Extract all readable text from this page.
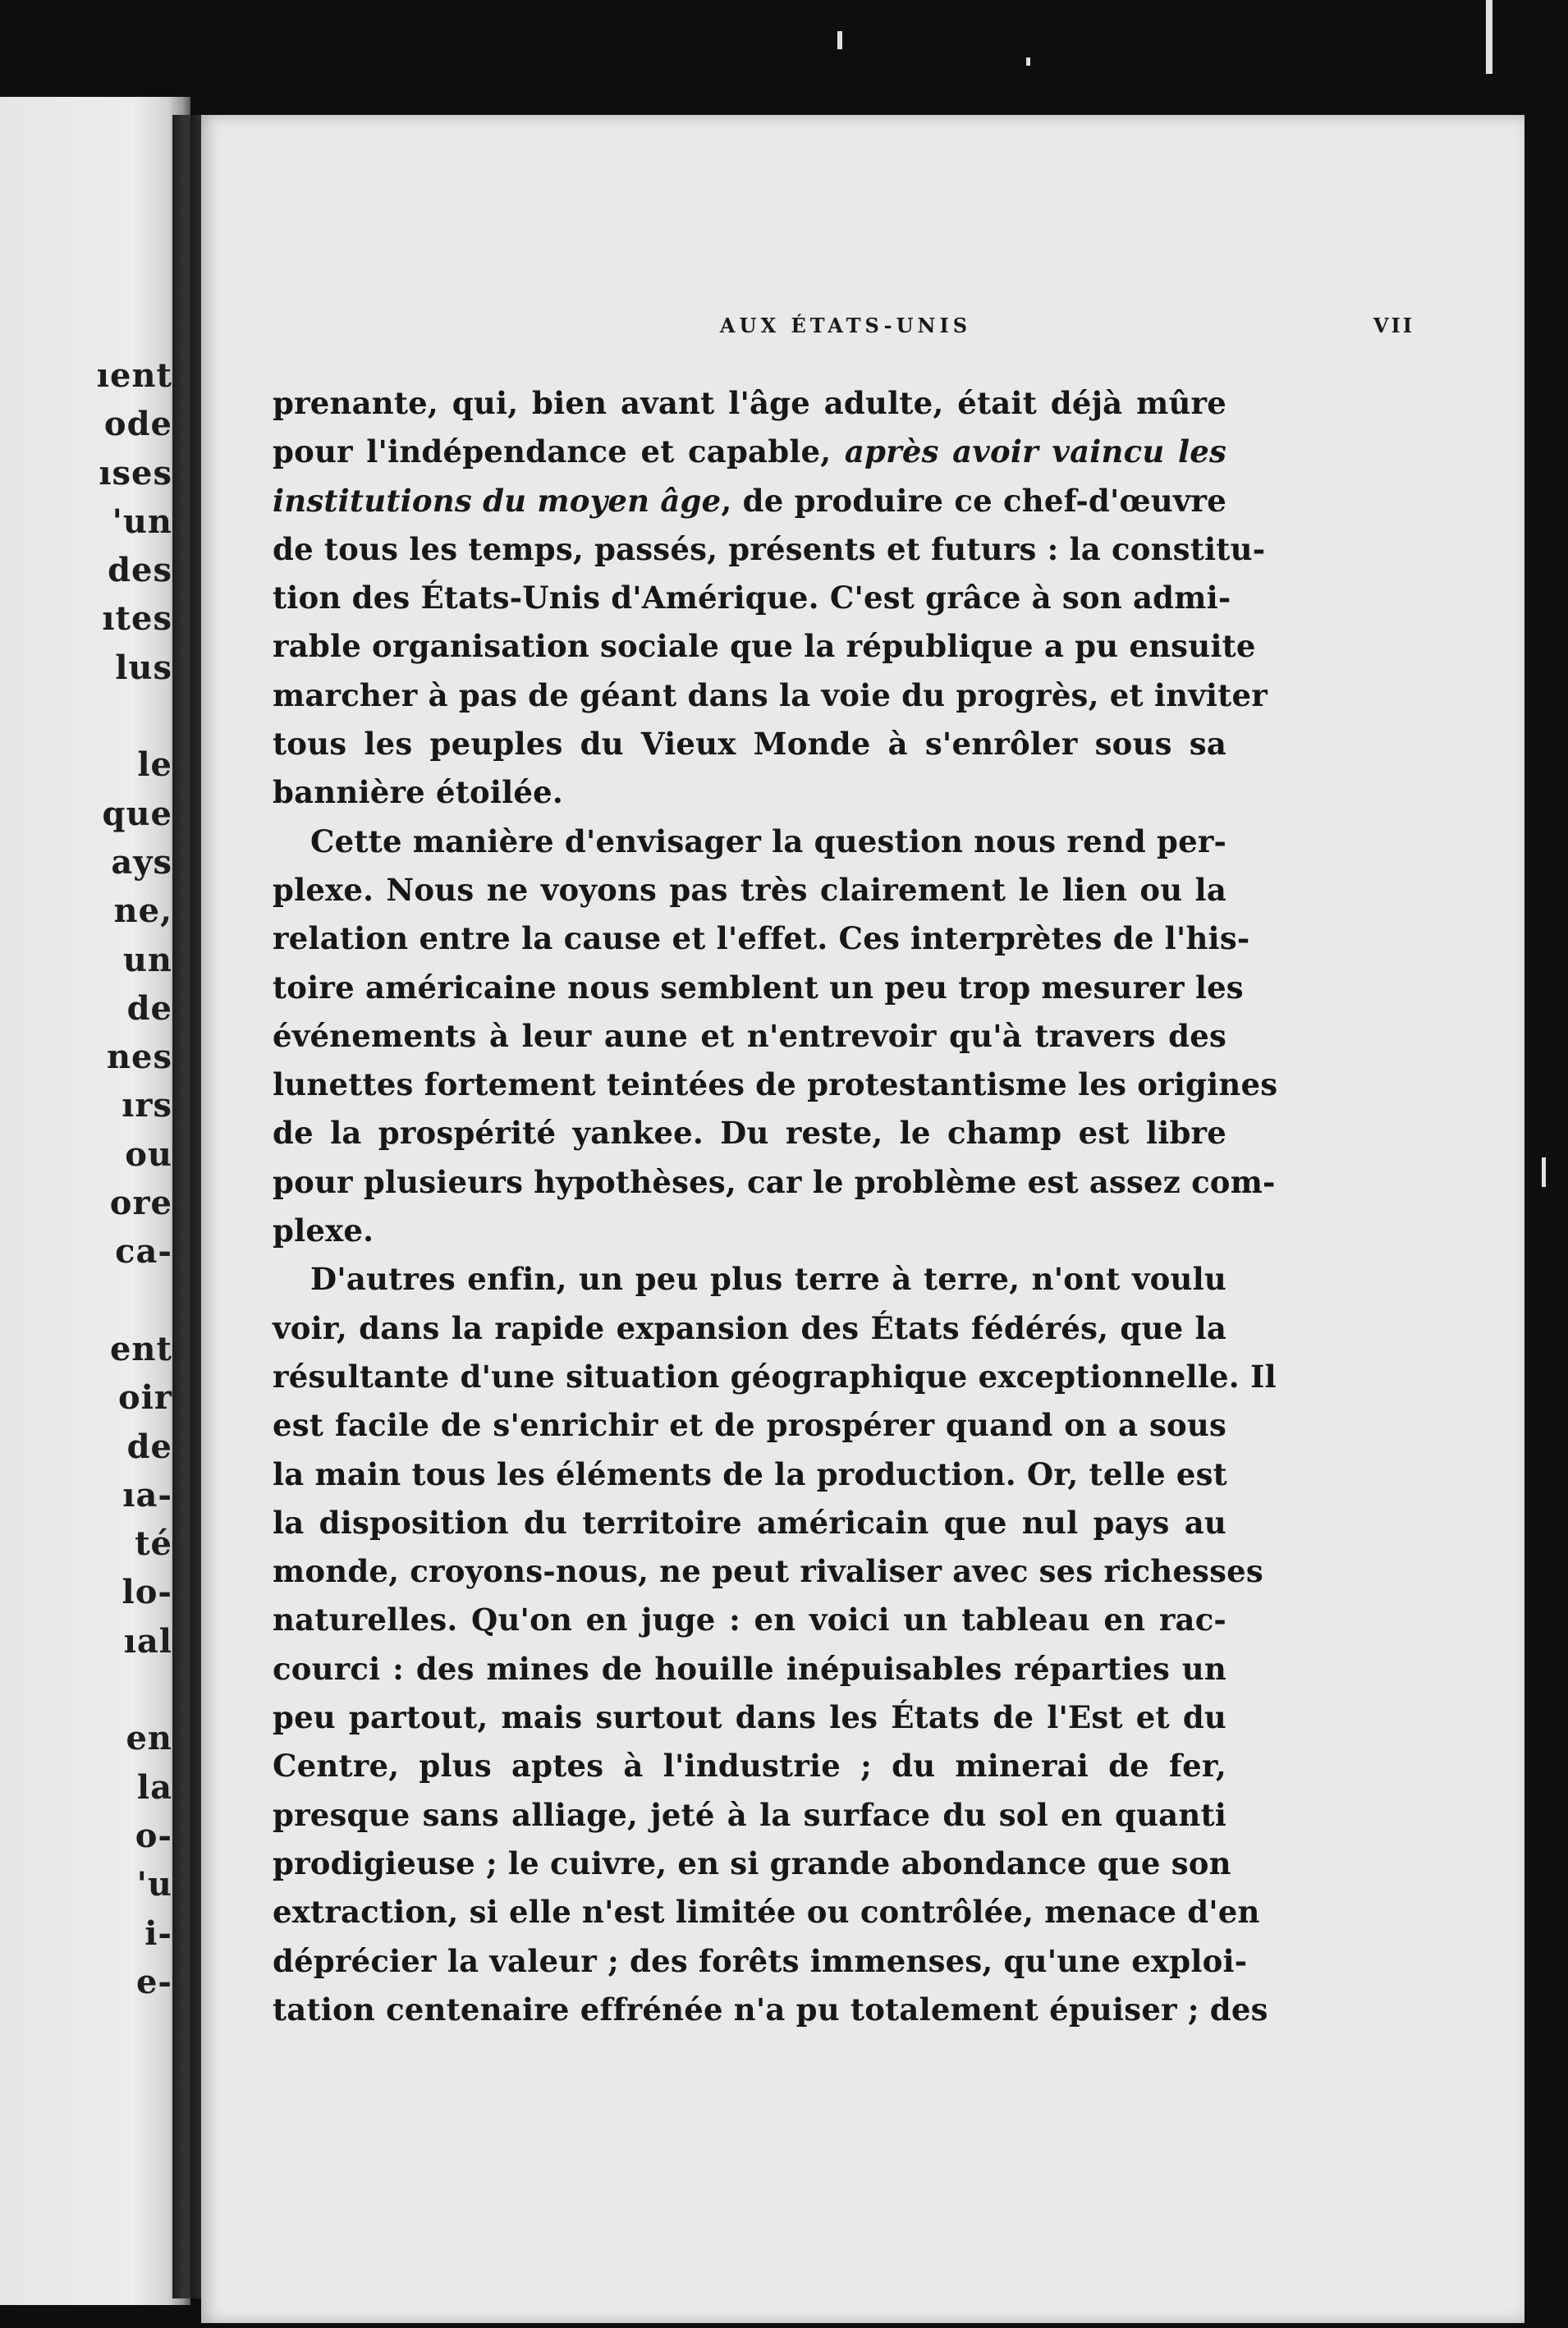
ıent
ode
ıses
'un
des
ıtes
lus
le
que
ays
ne,
un
de
nes
ırs
ou
ore
ca-
ent
oir
de
ıa-
té
lo-
ıal
en
la
o-
'u
i-
e-
AUX ÉTATS-UNIS	VII
prenante, qui, bien avant l'âge adulte, était déjà mûre
pour l'indépendance et capable, après avoir vaincu les
institutions du moyen âge, de produire ce chef-d'œuvre
de tous les temps, passés, présents et futurs : la constitu-
tion des États-Unis d'Amérique. C'est grâce à son admi-
rable organisation sociale que la république a pu ensuite
marcher à pas de géant dans la voie du progrès, et inviter
tous les peuples du Vieux Monde à s'enrôler sous sa
bannière étoilée.
Cette manière d'envisager la question nous rend per-
plexe. Nous ne voyons pas très clairement le lien ou la
relation entre la cause et l'effet. Ces interprètes de l'his-
toire américaine nous semblent un peu trop mesurer les
événements à leur aune et n'entrevoir qu'à travers des
lunettes fortement teintées de protestantisme les origines
de la prospérité yankee. Du reste, le champ est libre
pour plusieurs hypothèses, car le problème est assez com-
plexe.
D'autres enfin, un peu plus terre à terre, n'ont voulu
voir, dans la rapide expansion des États fédérés, que la
résultante d'une situation géographique exceptionnelle. Il
est facile de s'enrichir et de prospérer quand on a sous
la main tous les éléments de la production. Or, telle est
la disposition du territoire américain que nul pays au
monde, croyons-nous, ne peut rivaliser avec ses richesses
naturelles. Qu'on en juge : en voici un tableau en rac-
courci : des mines de houille inépuisables réparties un
peu partout, mais surtout dans les États de l'Est et du
Centre, plus aptes à l'industrie ; du minerai de fer,
presque sans alliage, jeté à la surface du sol en quanti
prodigieuse ; le cuivre, en si grande abondance que son
extraction, si elle n'est limitée ou contrôlée, menace d'en
déprécier la valeur ; des forêts immenses, qu'une exploi-
tation centenaire effrénée n'a pu totalement épuiser ; des
